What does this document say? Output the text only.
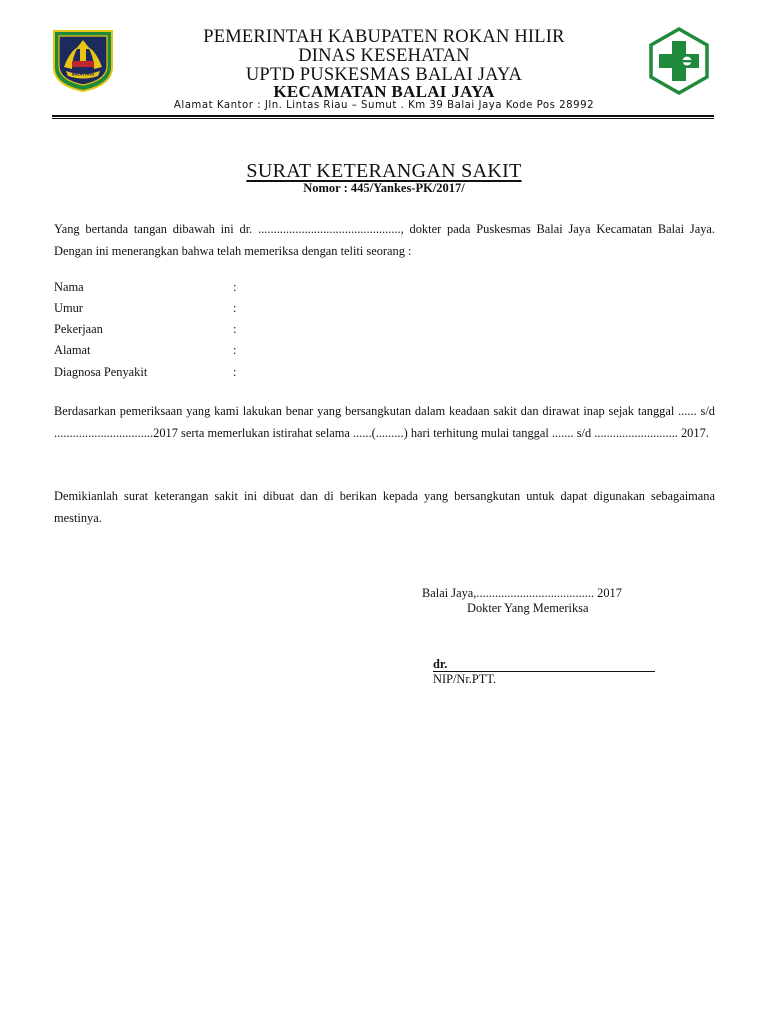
BALAI JAYA
PEMERINTAH KABUPATEN ROKAN HILIR
DINAS KESEHATAN
UPTD PUSKESMAS BALAI JAYA
KECAMATAN BALAI JAYA
Alamat Kantor : Jln. Lintas Riau – Sumut . Km 39 Balai Jaya Kode Pos 28992
SURAT KETERANGAN SAKIT
Nomor : 445/Yankes-PK/2017/
Yang bertanda tangan dibawah ini dr. .............................................., dokter pada Puskesmas Balai Jaya Kecamatan Balai Jaya. Dengan ini menerangkan bahwa telah memeriksa dengan teliti seorang :
Nama	:
Umur	:
Pekerjaan	:
Alamat	:
Diagnosa Penyakit	:
Berdasarkan pemeriksaan yang kami lakukan benar yang bersangkutan dalam keadaan sakit dan dirawat inap sejak tanggal ...... s/d ................................2017 serta memerlukan istirahat selama ......(.........) hari terhitung mulai tanggal ....... s/d ........................... 2017.
Demikianlah surat keterangan sakit ini dibuat dan di berikan kepada yang bersangkutan untuk dapat digunakan sebagaimana mestinya.
Balai Jaya,...................................... 2017
Dokter Yang Memeriksa
dr.
NIP/Nr.PTT.
